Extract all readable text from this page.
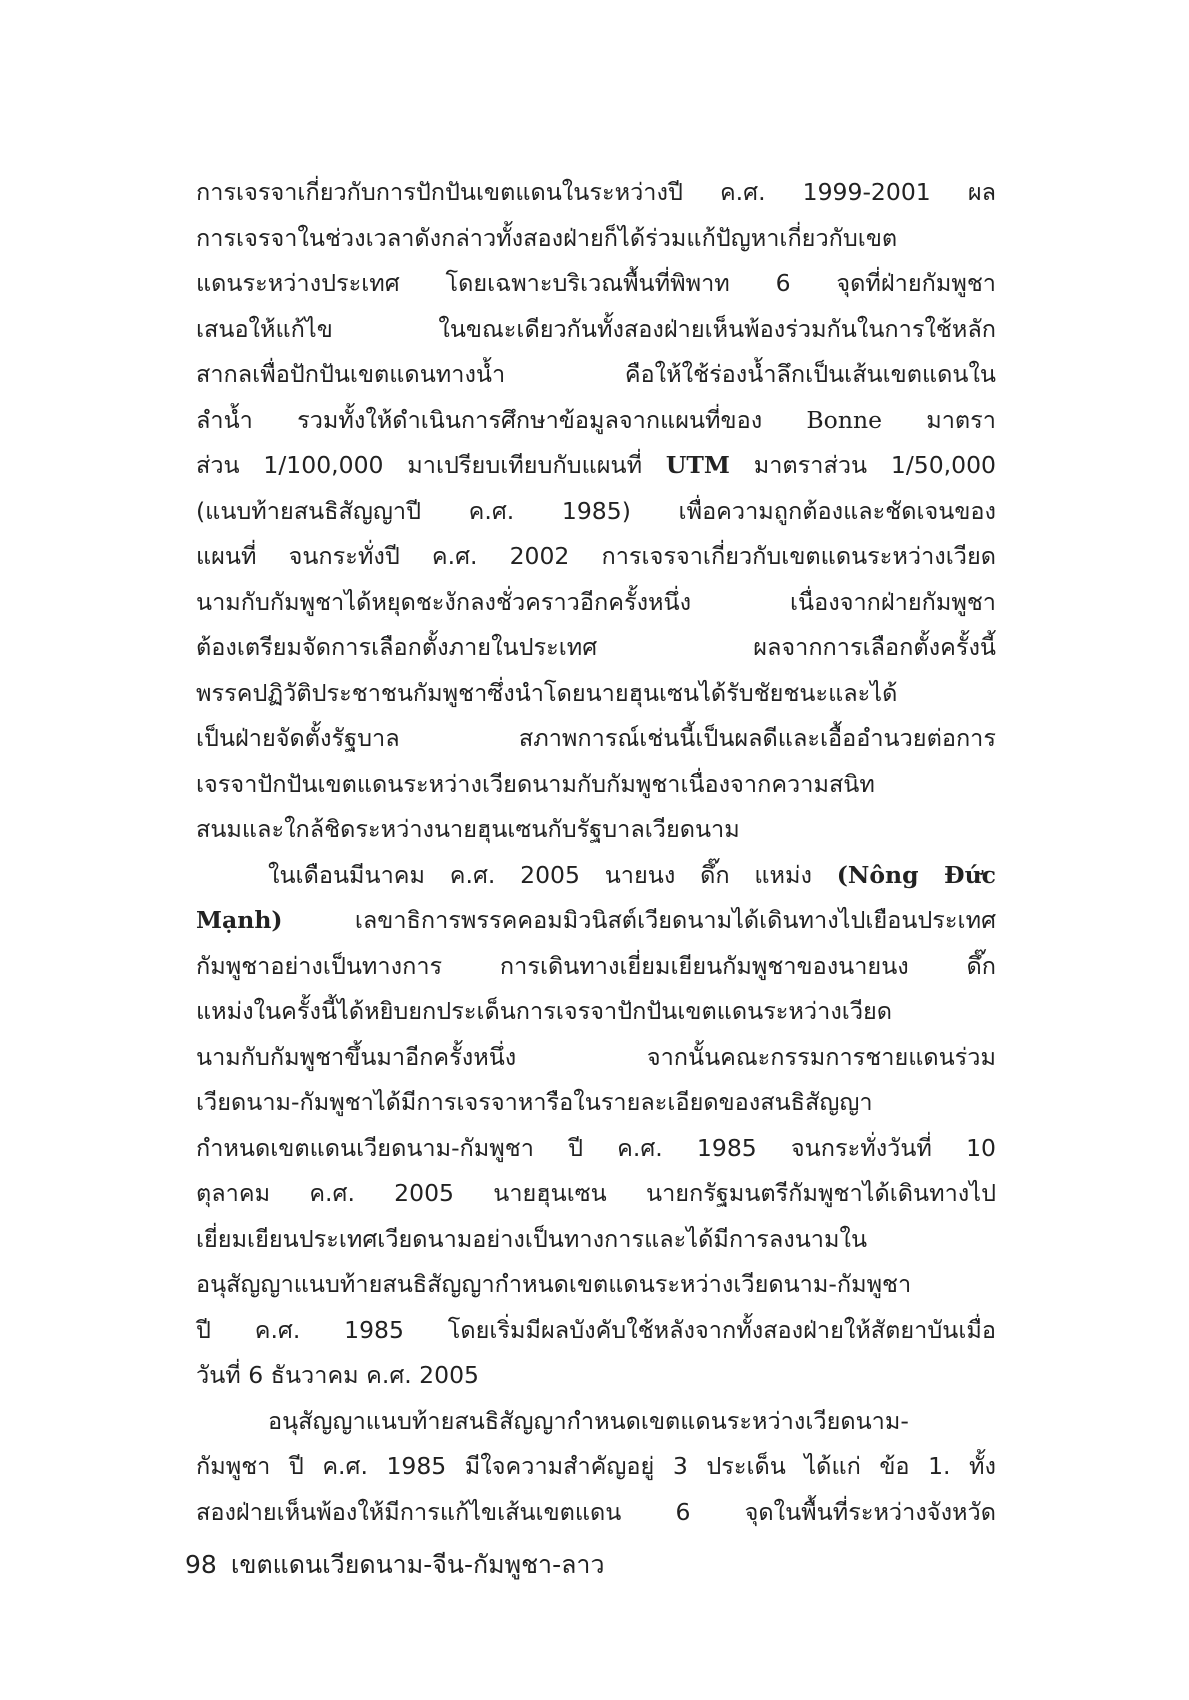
การเจรจาเกี่ยวกับการปักปันเขตแดนในระหว่างปี ค.ศ. 1999-2001 ผล
การเจรจาในช่วงเวลาดังกล่าวทั้งสองฝ่ายก็ได้ร่วมแก้ปัญหาเกี่ยวกับเขต
แดนระหว่างประเทศ โดยเฉพาะบริเวณพื้นที่พิพาท 6 จุดที่ฝ่ายกัมพูชา
เสนอให้แก้ไข ในขณะเดียวกันทั้งสองฝ่ายเห็นพ้องร่วมกันในการใช้หลัก
สากลเพื่อปักปันเขตแดนทางน้ำ คือให้ใช้ร่องน้ำลึกเป็นเส้นเขตแดนใน
ลำน้ำ รวมทั้งให้ดำเนินการศึกษาข้อมูลจากแผนที่ของ Bonne มาตรา
ส่วน 1/100,000 มาเปรียบเทียบกับแผนที่ UTM มาตราส่วน 1/50,000
(แนบท้ายสนธิสัญญาปี ค.ศ. 1985) เพื่อความถูกต้องและชัดเจนของ
แผนที่ จนกระทั่งปี ค.ศ. 2002 การเจรจาเกี่ยวกับเขตแดนระหว่างเวียด
นามกับกัมพูชาได้หยุดชะงักลงชั่วคราวอีกครั้งหนึ่ง เนื่องจากฝ่ายกัมพูชา
ต้องเตรียมจัดการเลือกตั้งภายในประเทศ ผลจากการเลือกตั้งครั้งนี้
พรรคปฏิวัติประชาชนกัมพูชาซึ่งนำโดยนายฮุนเซนได้รับชัยชนะและได้
เป็นฝ่ายจัดตั้งรัฐบาล สภาพการณ์เช่นนี้เป็นผลดีและเอื้ออำนวยต่อการ
เจรจาปักปันเขตแดนระหว่างเวียดนามกับกัมพูชาเนื่องจากความสนิท
สนมและใกล้ชิดระหว่างนายฮุนเซนกับรัฐบาลเวียดนาม
ในเดือนมีนาคม ค.ศ. 2005 นายนง ดึ๊ก แหม่ง (Nông Đức
Mạnh) เลขาธิการพรรคคอมมิวนิสต์เวียดนามได้เดินทางไปเยือนประเทศ
กัมพูชาอย่างเป็นทางการ การเดินทางเยี่ยมเยียนกัมพูชาของนายนง ดึ๊ก
แหม่งในครั้งนี้ได้หยิบยกประเด็นการเจรจาปักปันเขตแดนระหว่างเวียด
นามกับกัมพูชาขึ้นมาอีกครั้งหนึ่ง จากนั้นคณะกรรมการชายแดนร่วม
เวียดนาม-กัมพูชาได้มีการเจรจาหารือในรายละเอียดของสนธิสัญญา
กำหนดเขตแดนเวียดนาม-กัมพูชา ปี ค.ศ. 1985 จนกระทั่งวันที่ 10
ตุลาคม ค.ศ. 2005 นายฮุนเซน นายกรัฐมนตรีกัมพูชาได้เดินทางไป
เยี่ยมเยียนประเทศเวียดนามอย่างเป็นทางการและได้มีการลงนามใน
อนุสัญญาแนบท้ายสนธิสัญญากำหนดเขตแดนระหว่างเวียดนาม-กัมพูชา
ปี ค.ศ. 1985 โดยเริ่มมีผลบังคับใช้หลังจากทั้งสองฝ่ายให้สัตยาบันเมื่อ
วันที่ 6 ธันวาคม ค.ศ. 2005
อนุสัญญาแนบท้ายสนธิสัญญากำหนดเขตแดนระหว่างเวียดนาม-
กัมพูชา ปี ค.ศ. 1985 มีใจความสำคัญอยู่ 3 ประเด็น ได้แก่ ข้อ 1. ทั้ง
สองฝ่ายเห็นพ้องให้มีการแก้ไขเส้นเขตแดน 6 จุดในพื้นที่ระหว่างจังหวัด
98 เขตแดนเวียดนาม-จีน-กัมพูชา-ลาว
